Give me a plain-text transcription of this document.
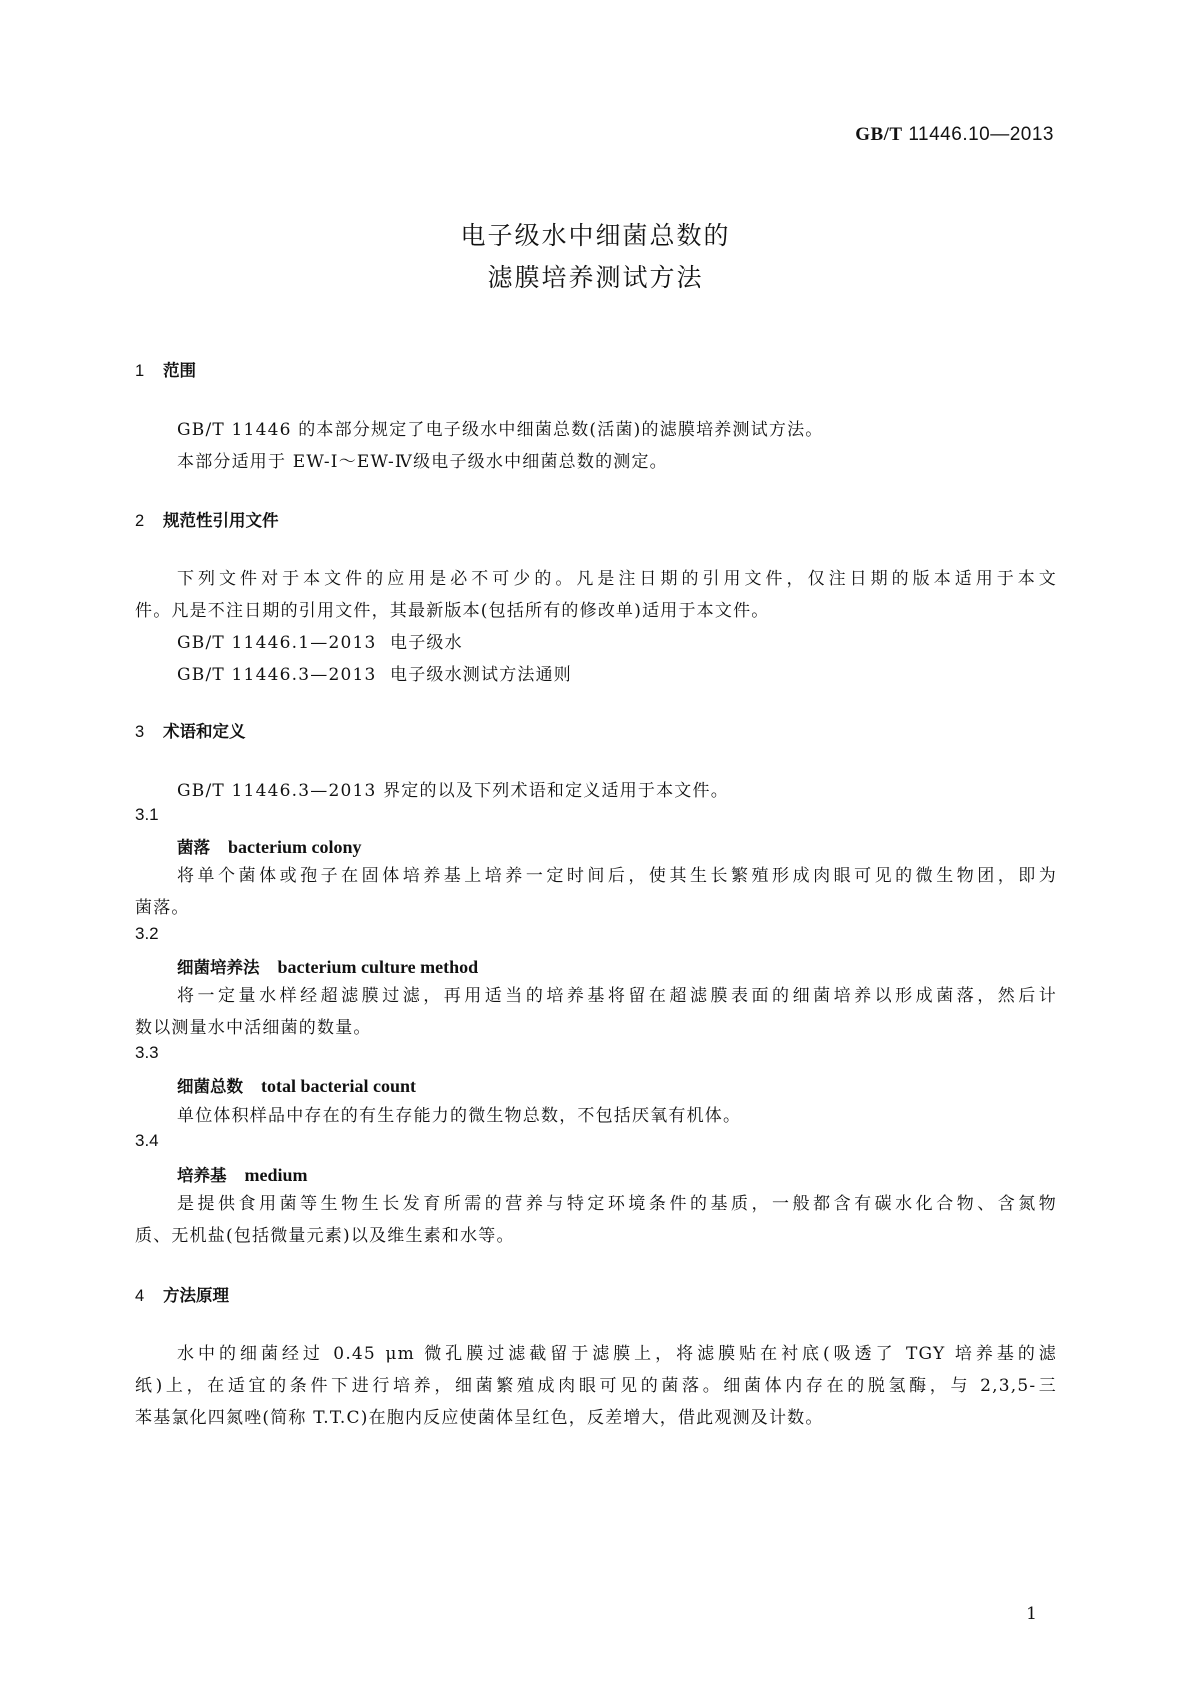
GB/T 11446.10—2013
电子级水中细菌总数的
滤膜培养测试方法
1 范围
GB/T 11446 的本部分规定了电子级水中细菌总数(活菌)的滤膜培养测试方法。
本部分适用于 EW-Ⅰ～EW-Ⅳ级电子级水中细菌总数的测定。
2 规范性引用文件
下列文件对于本文件的应用是必不可少的。凡是注日期的引用文件，仅注日期的版本适用于本文
件。凡是不注日期的引用文件，其最新版本(包括所有的修改单)适用于本文件。
GB/T 11446.1—2013 电子级水
GB/T 11446.3—2013 电子级水测试方法通则
3 术语和定义
GB/T 11446.3—2013 界定的以及下列术语和定义适用于本文件。
3.1
菌落 bacterium colony
将单个菌体或孢子在固体培养基上培养一定时间后，使其生长繁殖形成肉眼可见的微生物团，即为
菌落。
3.2
细菌培养法 bacterium culture method
将一定量水样经超滤膜过滤，再用适当的培养基将留在超滤膜表面的细菌培养以形成菌落，然后计
数以测量水中活细菌的数量。
3.3
细菌总数 total bacterial count
单位体积样品中存在的有生存能力的微生物总数，不包括厌氧有机体。
3.4
培养基 medium
是提供食用菌等生物生长发育所需的营养与特定环境条件的基质，一般都含有碳水化合物、含氮物
质、无机盐(包括微量元素)以及维生素和水等。
4 方法原理
水中的细菌经过 0.45 μm 微孔膜过滤截留于滤膜上，将滤膜贴在衬底(吸透了 TGY 培养基的滤
纸)上，在适宜的条件下进行培养，细菌繁殖成肉眼可见的菌落。细菌体内存在的脱氢酶，与 2,3,5-三
苯基氯化四氮唑(简称 T.T.C)在胞内反应使菌体呈红色，反差增大，借此观测及计数。
1
